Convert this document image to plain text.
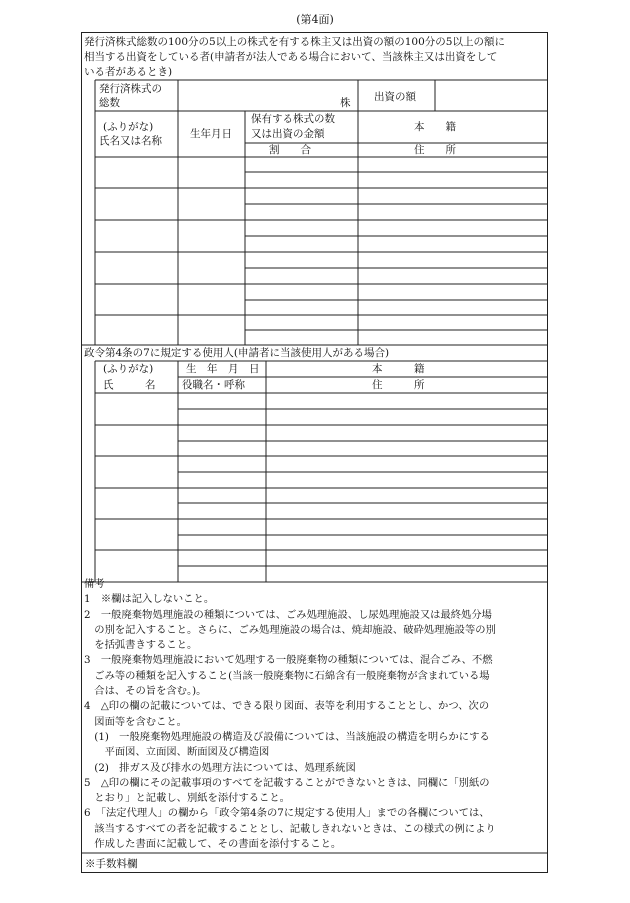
(第4面)
発行済株式総数の100分の5以上の株式を有する株主又は出資の額の100分の5以上の額に
相当する出資をしている者(申請者が法人である場合において、当該株主又は出資をして
いる者があるとき)
発行済株式の
総数	株 出資の額
(ふりがな)
氏名又は名称
生年月日
保有する株式の数
又は出資の金額
割　　合
本　　籍
住　　所
政令第4条の7に規定する使用人(申請者に当該使用人がある場合)
(ふりがな)
氏　　　名
生　年　月　日
役職名・呼称
本　　　籍
住　　　所
備考
1　※欄は記入しないこと。
2　一般廃棄物処理施設の種類については、ごみ処理施設、し尿処理施設又は最終処分場
　の別を記入すること。さらに、ごみ処理施設の場合は、焼却施設、破砕処理施設等の別
　を括弧書きすること。
3　一般廃棄物処理施設において処理する一般廃棄物の種類については、混合ごみ、不燃
　ごみ等の種類を記入すること(当該一般廃棄物に石綿含有一般廃棄物が含まれている場
　合は、その旨を含む。)。
4　△印の欄の記載については、できる限り図面、表等を利用することとし、かつ、次の
　図面等を含むこと。
　(1)　一般廃棄物処理施設の構造及び設備については、当該施設の構造を明らかにする
　　平面図、立面図、断面図及び構造図
　(2)　排ガス及び排水の処理方法については、処理系統図
5　△印の欄にその記載事項のすべてを記載することができないときは、同欄に「別紙の
　とおり」と記載し、別紙を添付すること。
6　「法定代理人」の欄から「政令第4条の7に規定する使用人」までの各欄については、
　該当するすべての者を記載することとし、記載しきれないときは、この様式の例により
　作成した書面に記載して、その書面を添付すること。
※手数料欄
